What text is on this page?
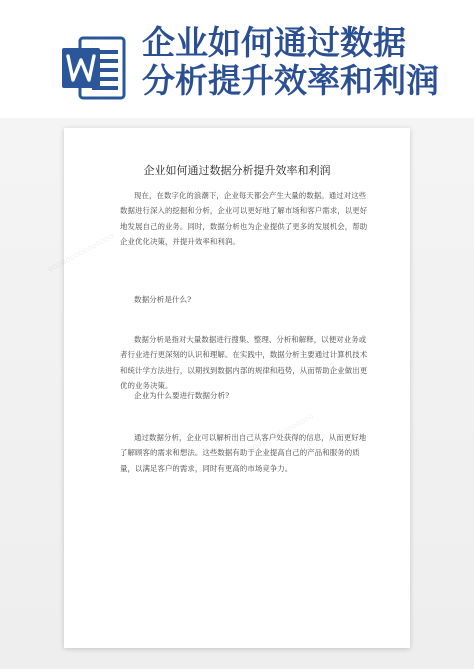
企业如何通过数据
分析提升效率和利润
ooooooooooooooo
ooooooooooooooo
企业如何通过数据分析提升效率和利润
现在，在数字化的浪潮下，企业每天都会产生大量的数据。通过对这些数据进行深入的挖掘和分析，企业可以更好地了解市场和客户需求，以更好地发展自己的业务。同时，数据分析也为企业提供了更多的发展机会，帮助企业优化决策，并提升效率和利润。
数据分析是什么?
数据分析是指对大量数据进行搜集、整理、分析和解释，以便对业务或者行业进行更深刻的认识和理解。在实践中，数据分析主要通过计算机技术和统计学方法进行，以期找到数据内部的规律和趋势，从而帮助企业做出更优的业务决策。
企业为什么要进行数据分析?
通过数据分析，企业可以解析出自己从客户处获得的信息，从而更好地了解顾客的需求和想法。这些数据有助于企业提高自己的产品和服务的质量，以满足客户的需求，同时有更高的市场竞争力。
